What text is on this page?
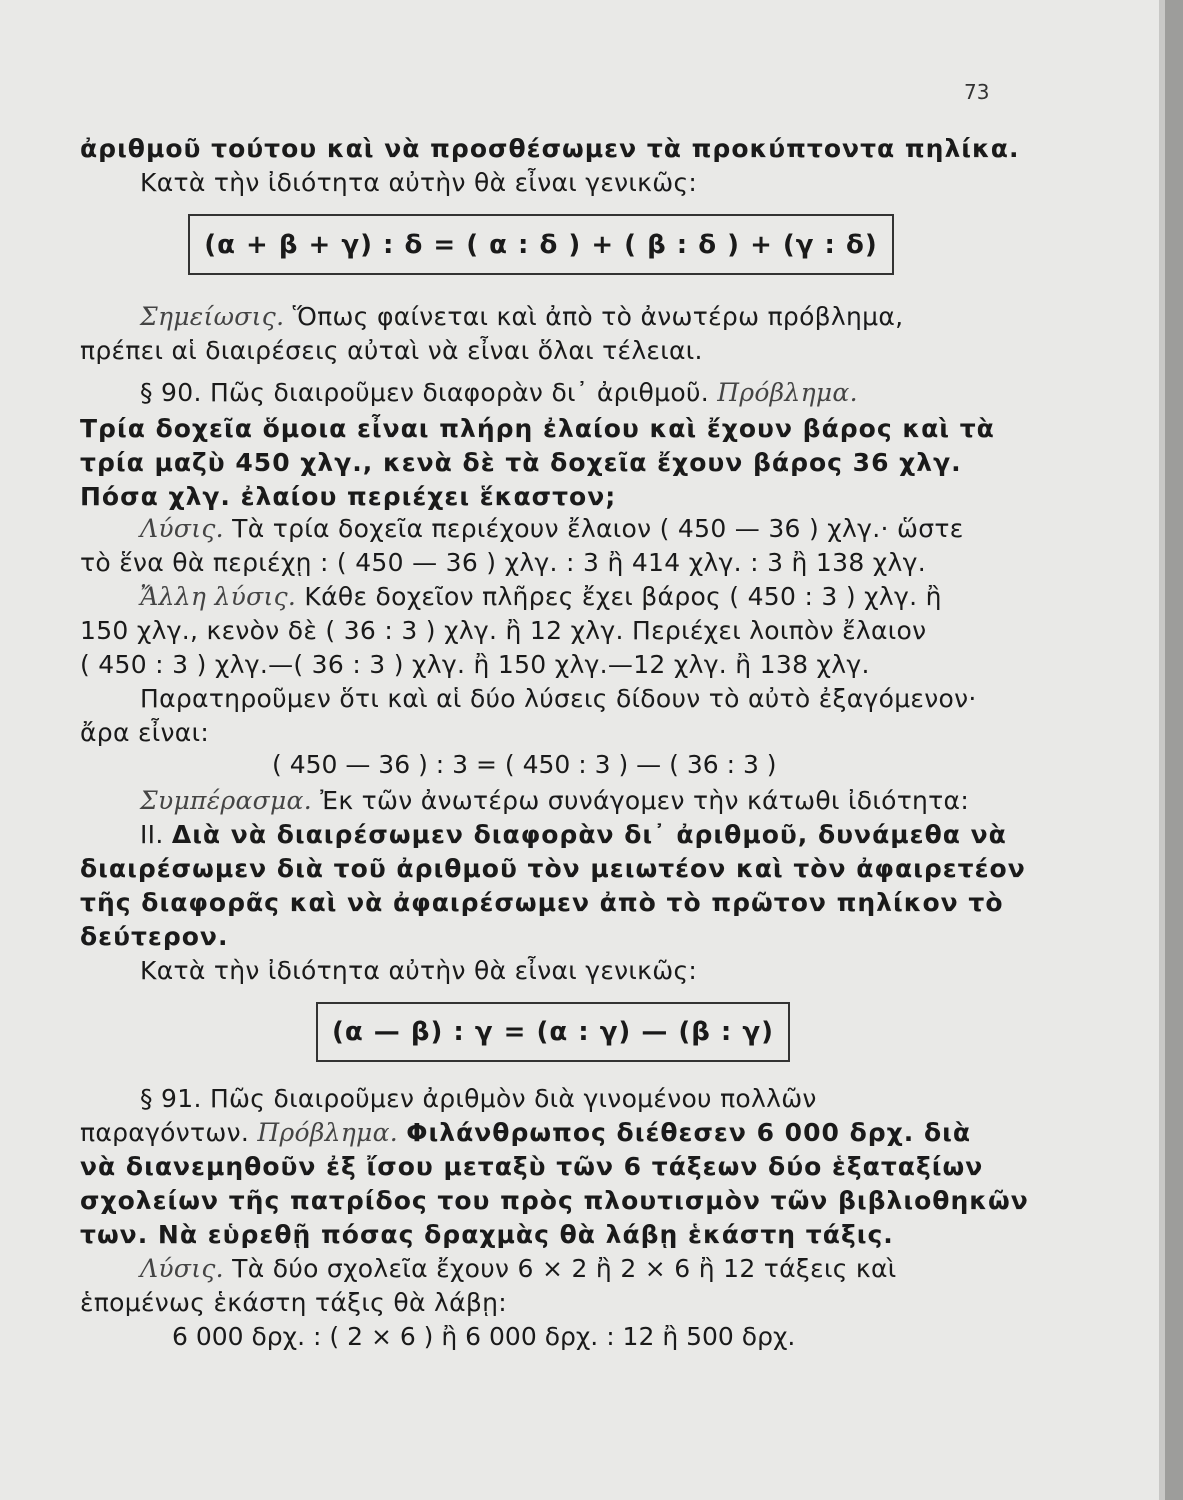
73
ἀριθμοῦ τούτου καὶ νὰ προσθέσωμεν τὰ προκύπτοντα πηλίκα.
Κατὰ τὴν ἰδιότητα αὐτὴν θὰ εἶναι γενικῶς:
(α + β + γ) : δ = ( α : δ ) + ( β : δ ) + (γ : δ)
Σημείωσις. Ὅπως φαίνεται καὶ ἀπὸ τὸ ἀνωτέρω πρόβλημα,
πρέπει αἱ διαιρέσεις αὐταὶ νὰ εἶναι ὅλαι τέλειαι.
§ 90. Πῶς διαιροῦμεν διαφορὰν δι᾿ ἀριθμοῦ. Πρόβλημα.
Τρία δοχεῖα ὅμοια εἶναι πλήρη ἐλαίου καὶ ἔχουν βάρος καὶ τὰ
τρία μαζὺ 450 χλγ., κενὰ δὲ τὰ δοχεῖα ἔχουν βάρος 36 χλγ.
Πόσα χλγ. ἐλαίου περιέχει ἕκαστον;
Λύσις. Τὰ τρία δοχεῖα περιέχουν ἔλαιον ( 450 — 36 ) χλγ.· ὥστε
τὸ ἕνα θὰ περιέχῃ : ( 450 — 36 ) χλγ. : 3 ἢ 414 χλγ. : 3 ἢ 138 χλγ.
Ἄλλη λύσις. Κάθε δοχεῖον πλῆρες ἔχει βάρος ( 450 : 3 ) χλγ. ἢ
150 χλγ., κενὸν δὲ ( 36 : 3 ) χλγ. ἢ 12 χλγ. Περιέχει λοιπὸν ἔλαιον
( 450 : 3 ) χλγ.—( 36 : 3 ) χλγ. ἢ 150 χλγ.—12 χλγ. ἢ 138 χλγ.
Παρατηροῦμεν ὅτι καὶ αἱ δύο λύσεις δίδουν τὸ αὐτὸ ἐξαγόμενον·
ἄρα εἶναι:
( 450 — 36 ) : 3 = ( 450 : 3 ) — ( 36 : 3 )
Συμπέρασμα. Ἐκ τῶν ἀνωτέρω συνάγομεν τὴν κάτωθι ἰδιότητα:
ΙΙ. Διὰ νὰ διαιρέσωμεν διαφορὰν δι᾿ ἀριθμοῦ, δυνάμεθα νὰ
διαιρέσωμεν διὰ τοῦ ἀριθμοῦ τὸν μειωτέον καὶ τὸν ἀφαιρετέον
τῆς διαφορᾶς καὶ νὰ ἀφαιρέσωμεν ἀπὸ τὸ πρῶτον πηλίκον τὸ
δεύτερον.
Κατὰ τὴν ἰδιότητα αὐτὴν θὰ εἶναι γενικῶς:
(α — β) : γ = (α : γ) — (β : γ)
§ 91. Πῶς διαιροῦμεν ἀριθμὸν διὰ γινομένου πολλῶν
παραγόντων. Πρόβλημα. Φιλάνθρωπος διέθεσεν 6 000 δρχ. διὰ
νὰ διανεμηθοῦν ἐξ ἴσου μεταξὺ τῶν 6 τάξεων δύο ἑξαταξίων
σχολείων τῆς πατρίδος του πρὸς πλουτισμὸν τῶν βιβλιοθηκῶν
των. Νὰ εὑρεθῇ πόσας δραχμὰς θὰ λάβῃ ἑκάστη τάξις.
Λύσις. Τὰ δύο σχολεῖα ἔχουν 6 × 2 ἢ 2 × 6 ἢ 12 τάξεις καὶ
ἑπομένως ἑκάστη τάξις θὰ λάβῃ:
6 000 δρχ. : ( 2 × 6 ) ἢ 6 000 δρχ. : 12 ἢ 500 δρχ.
